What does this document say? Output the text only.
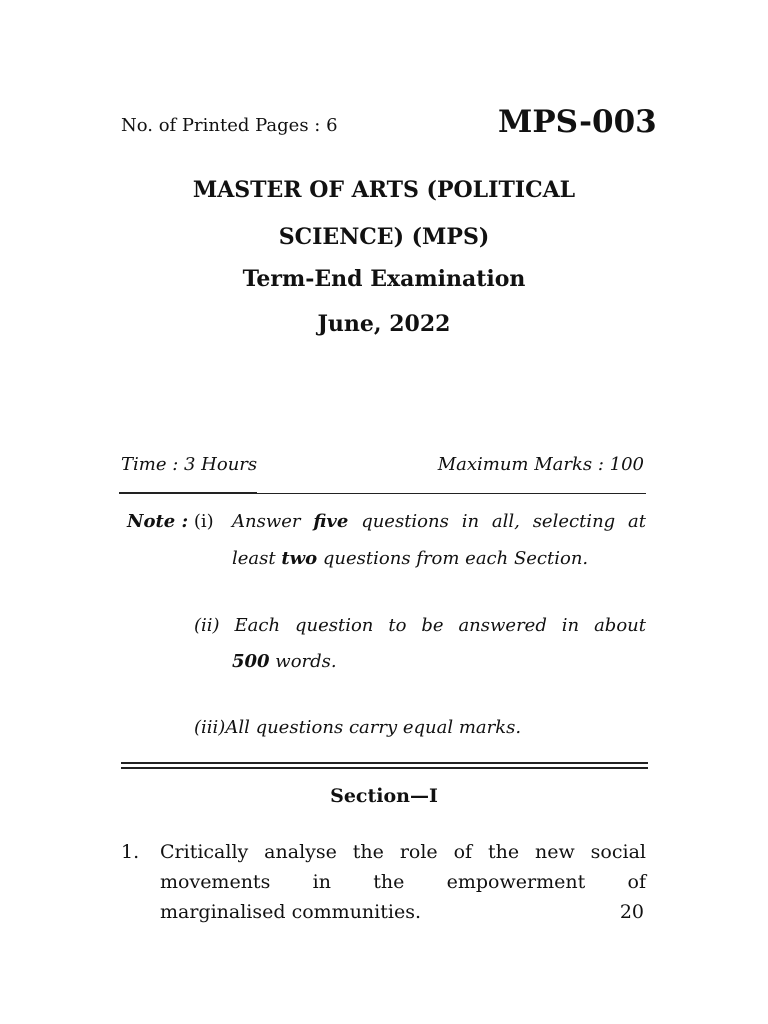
No. of Printed Pages : 6	MPS-003
MASTER OF ARTS (POLITICAL
SCIENCE) (MPS)
Term-End Examination
June, 2022
Time : 3 Hours	Maximum Marks : 100
Note : (i) Answer five questions in all, selecting at
least two questions from each Section.
(ii) Each question to be answered in about
500 words.
(iii)All questions carry equal marks.
Section—I
1. Critically analyse the role of the new social
movements in the empowerment of
marginalised communities.	20
